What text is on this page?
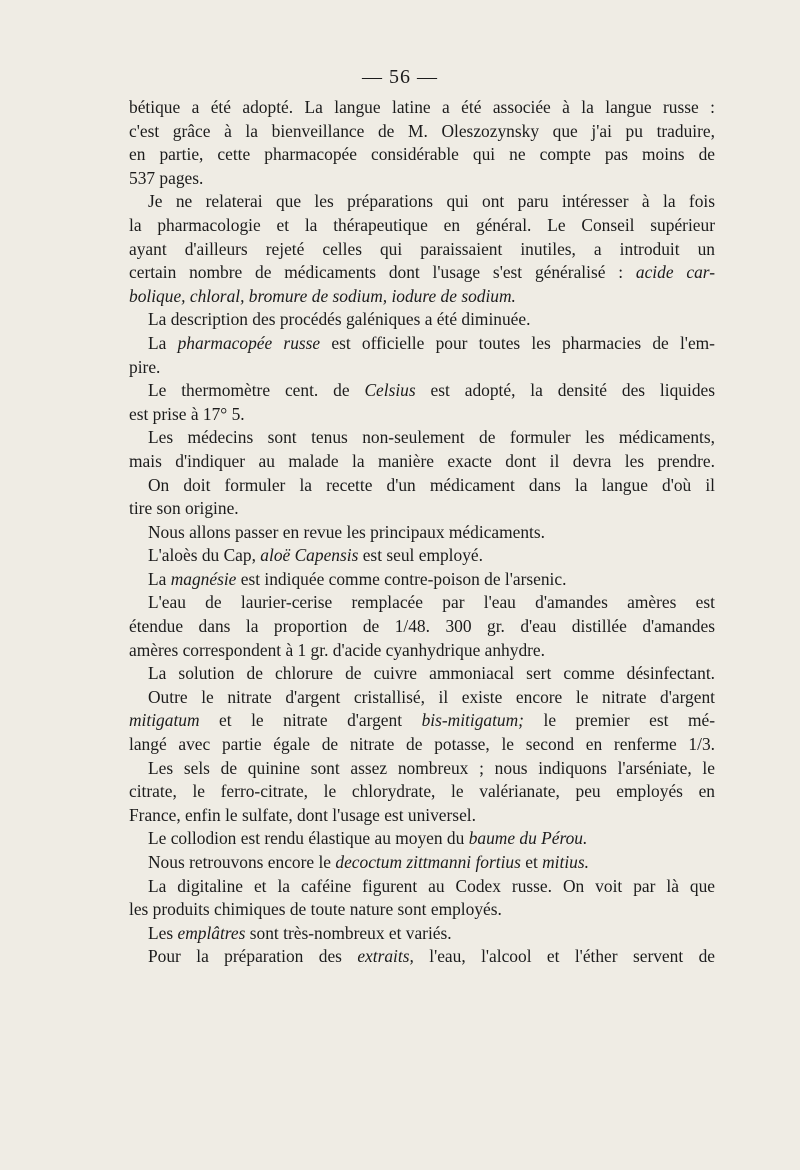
— 56 —
bétique a été adopté. La langue latine a été associée à la langue russe :
c'est grâce à la bienveillance de M. Oleszozynsky que j'ai pu traduire,
en partie, cette pharmacopée considérable qui ne compte pas moins de
537 pages.
Je ne relaterai que les préparations qui ont paru intéresser à la fois
la pharmacologie et la thérapeutique en général. Le Conseil supérieur
ayant d'ailleurs rejeté celles qui paraissaient inutiles, a introduit un
certain nombre de médicaments dont l'usage s'est généralisé : acide car-
bolique, chloral, bromure de sodium, iodure de sodium.
La description des procédés galéniques a été diminuée.
La pharmacopée russe est officielle pour toutes les pharmacies de l'em-
pire.
Le thermomètre cent. de Celsius est adopté, la densité des liquides
est prise à 17° 5.
Les médecins sont tenus non-seulement de formuler les médicaments,
mais d'indiquer au malade la manière exacte dont il devra les prendre.
On doit formuler la recette d'un médicament dans la langue d'où il
tire son origine.
Nous allons passer en revue les principaux médicaments.
L'aloès du Cap, aloë Capensis est seul employé.
La magnésie est indiquée comme contre-poison de l'arsenic.
L'eau de laurier-cerise remplacée par l'eau d'amandes amères est
étendue dans la proportion de 1/48. 300 gr. d'eau distillée d'amandes
amères correspondent à 1 gr. d'acide cyanhydrique anhydre.
La solution de chlorure de cuivre ammoniacal sert comme désinfectant.
Outre le nitrate d'argent cristallisé, il existe encore le nitrate d'argent
mitigatum et le nitrate d'argent bis-mitigatum; le premier est mé-
langé avec partie égale de nitrate de potasse, le second en renferme 1/3.
Les sels de quinine sont assez nombreux ; nous indiquons l'arséniate, le
citrate, le ferro-citrate, le chlorydrate, le valérianate, peu employés en
France, enfin le sulfate, dont l'usage est universel.
Le collodion est rendu élastique au moyen du baume du Pérou.
Nous retrouvons encore le decoctum zittmanni fortius et mitius.
La digitaline et la caféine figurent au Codex russe. On voit par là que
les produits chimiques de toute nature sont employés.
Les emplâtres sont très-nombreux et variés.
Pour la préparation des extraits, l'eau, l'alcool et l'éther servent de
